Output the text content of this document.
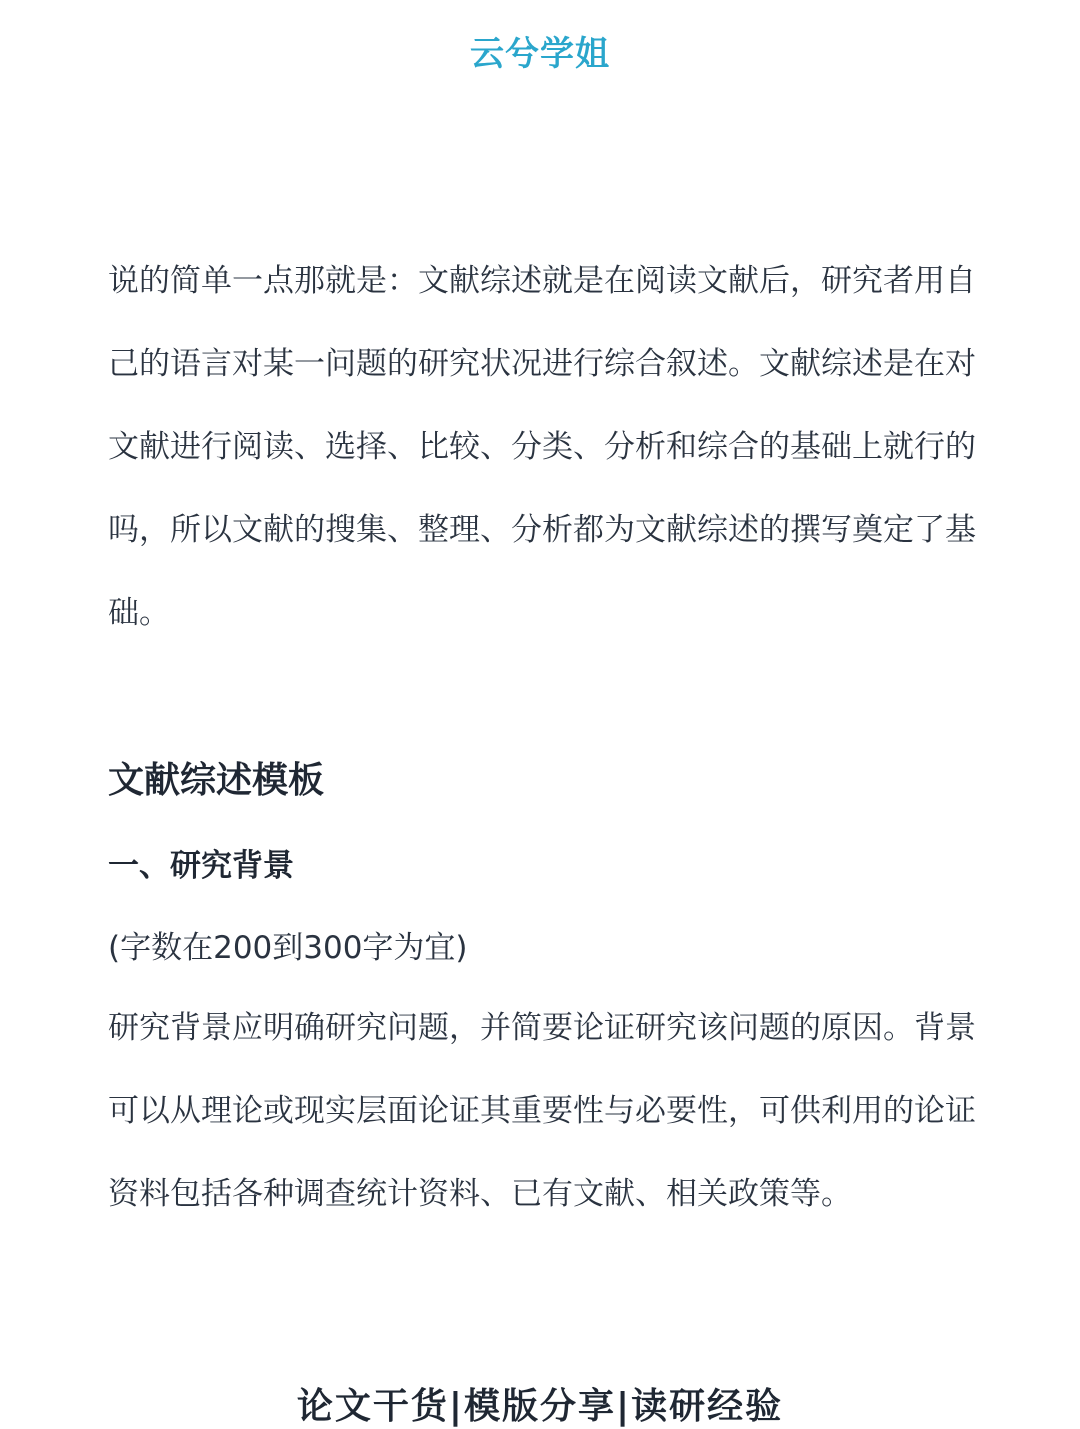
云兮学姐

说的简单一点那就是：文献综述就是在阅读文献后，研究者用自己的语言对某一问题的研究状况进行综合叙述。文献综述是在对文献进行阅读、选择、比较、分类、分析和综合的基础上就行的吗，所以文献的搜集、整理、分析都为文献综述的撰写奠定了基础。

文献综述模板
一、研究背景

(字数在200到300字为宜)

研究背景应明确研究问题，并简要论证研究该问题的原因。背景可以从理论或现实层面论证其重要性与必要性，可供利用的论证资料包括各种调查统计资料、已有文献、相关政策等。

论文干货|模版分享|读研经验
